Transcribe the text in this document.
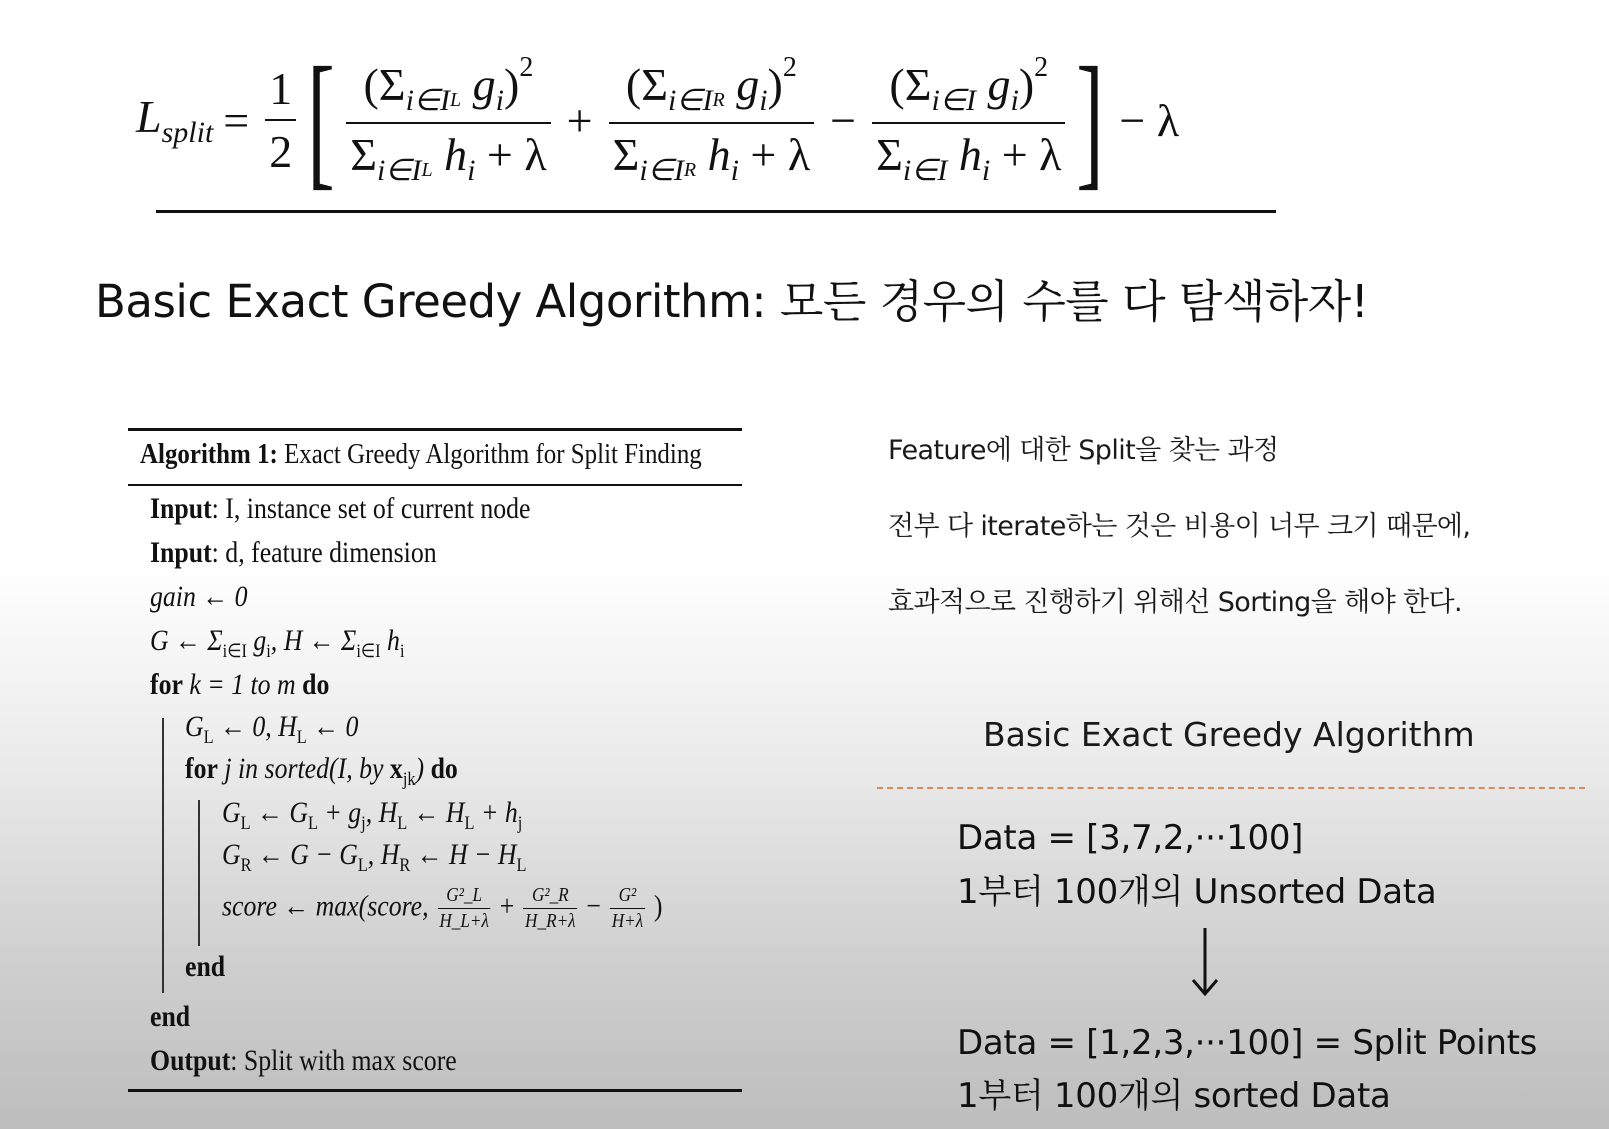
$L_{split} = \frac{1}{2}$ [ $\frac{(\Sigma_{i\in I}L g_i)^2}{\Sigma_{i\in I}L h_i + \lambda} + \frac{(\Sigma_{i\in I}R g_i)^2}{\Sigma_{i\in I}R h_i + \lambda} - \frac{(\Sigma_{i\in I} g_i)^2}{\Sigma_{i\in I} h_i + \lambda}$ ] − λ
Basic Exact Greedy Algorithm: 모든 경우의 수를 다 탐색하자!
Algorithm 1: Exact Greedy Algorithm for Split Finding
Input: I, instance set of current node
Input: d, feature dimension
gain ← 0
G ← $\Sigma_{i\in I}$ $g_i$, H ← $\Sigma_{i\in I}$ $h_i$
for k = 1 to m do
$G_L$ ← 0, $H_L$ ← 0
for j in sorted(I, by $x_{jk}$) do
$G_L$ ← $G_L + g_j$, $H_L$ ← $H_L + h_j$
$G_R$ ← $G - G_L$, $H_R$ ← $H - H_L$
score ← max(score, $\frac{\text{G²\_L}}{H\_L+\lambda} + \frac{\text{G²\_R}}{H\_R+\lambda} - \frac{\text{G²}}{H+\lambda}$ )
end
end
Output: Split with max score
Feature에 대한 Split을 찾는 과정
전부 다 iterate하는 것은 비용이 너무 크기 때문에,
효과적으로 진행하기 위해선 Sorting을 해야 한다.
Basic Exact Greedy Algorithm
Data = [3,7,2,···100]
1부터 100개의 Unsorted Data
Data = [1,2,3,···100] = Split Points
1부터 100개의 sorted Data
